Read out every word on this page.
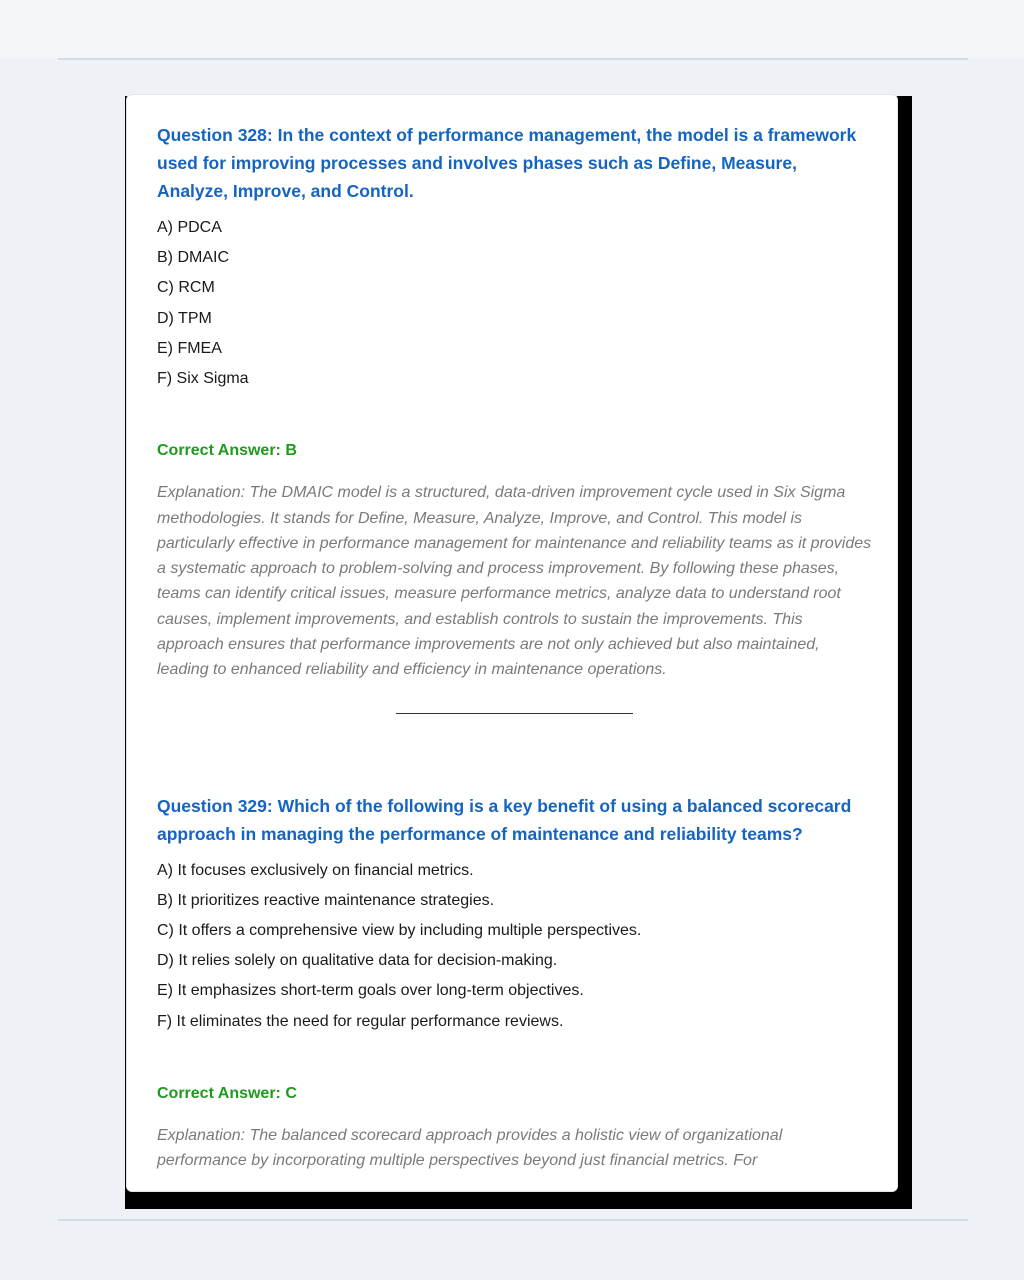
Question 328: In the context of performance management, the model is a framework used for improving processes and involves phases such as Define, Measure, Analyze, Improve, and Control.

A) PDCA
B) DMAIC
C) RCM
D) TPM
E) FMEA
F) Six Sigma

Correct Answer: B

Explanation: The DMAIC model is a structured, data-driven improvement cycle used in Six Sigma methodologies. It stands for Define, Measure, Analyze, Improve, and Control. This model is particularly effective in performance management for maintenance and reliability teams as it provides a systematic approach to problem-solving and process improvement. By following these phases, teams can identify critical issues, measure performance metrics, analyze data to understand root causes, implement improvements, and establish controls to sustain the improvements. This approach ensures that performance improvements are not only achieved but also maintained, leading to enhanced reliability and efficiency in maintenance operations.

Question 329: Which of the following is a key benefit of using a balanced scorecard approach in managing the performance of maintenance and reliability teams?

A) It focuses exclusively on financial metrics.
B) It prioritizes reactive maintenance strategies.
C) It offers a comprehensive view by including multiple perspectives.
D) It relies solely on qualitative data for decision-making.
E) It emphasizes short-term goals over long-term objectives.
F) It eliminates the need for regular performance reviews.

Correct Answer: C

Explanation: The balanced scorecard approach provides a holistic view of organizational performance by incorporating multiple perspectives beyond just financial metrics. For
